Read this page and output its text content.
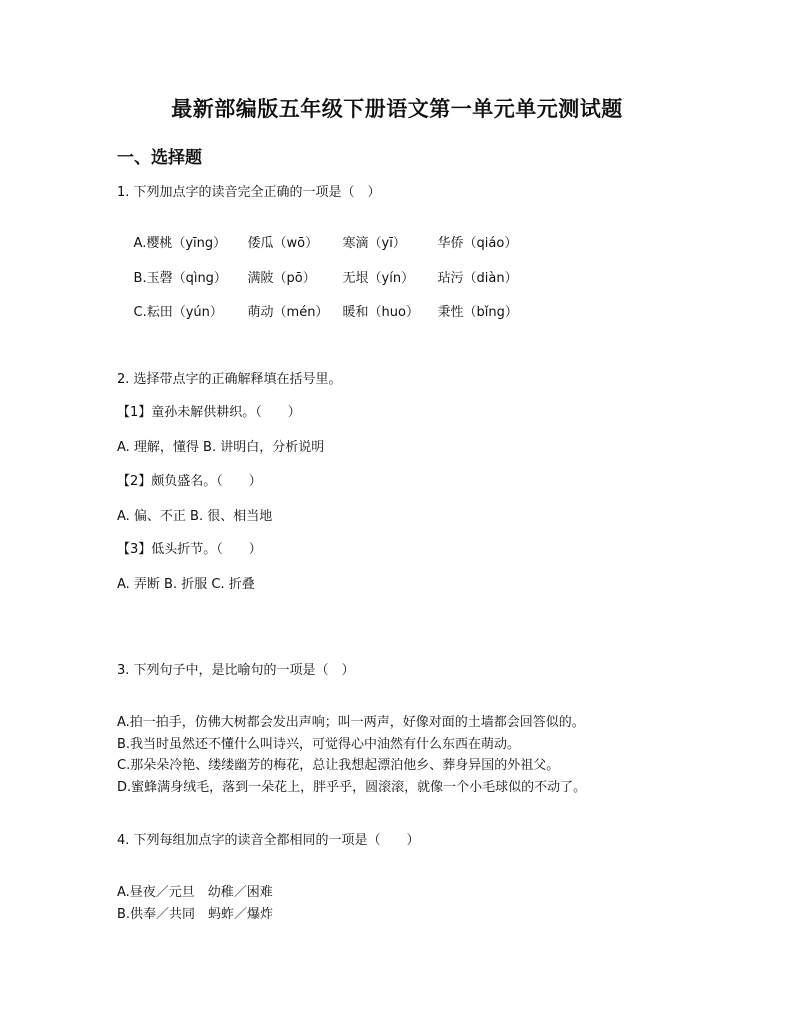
最新部编版五年级下册语文第一单元单元测试题
一、选择题
1. 下列加点字的读音完全正确的一项是（　）

A.樱桃（yīng） 倭瓜（wō） 寒滴（yī） 华侨（qiáo）

B.玉磬（qìng） 满陂（pō） 无垠（yín） 玷污（diàn）

C.耘田（yún） 萌动（mén） 暖和（huo） 秉性（bǐng）

2. 选择带点字的正确解释填在括号里。
【1】童孙未解供耕织。（　　）
A. 理解，懂得 B. 讲明白，分析说明
【2】颇负盛名。（　　）
A. 偏、不正 B. 很、相当地
【3】低头折节。（　　）
A. 弄断 B. 折服 C. 折叠
3. 下列句子中，是比喻句的一项是（　）
A.拍一拍手，仿佛大树都会发出声响；叫一两声，好像对面的土墙都会回答似的。
B.我当时虽然还不懂什么叫诗兴，可觉得心中油然有什么东西在萌动。
C.那朵朵冷艳、缕缕幽芳的梅花，总让我想起漂泊他乡、葬身异国的外祖父。
D.蜜蜂满身绒毛，落到一朵花上，胖乎乎，圆滚滚，就像一个小毛球似的不动了。
4. 下列每组加点字的读音全都相同的一项是（　　）
A.昼夜／元旦　幼稚／困难
B.供奉／共同　蚂蚱／爆炸
